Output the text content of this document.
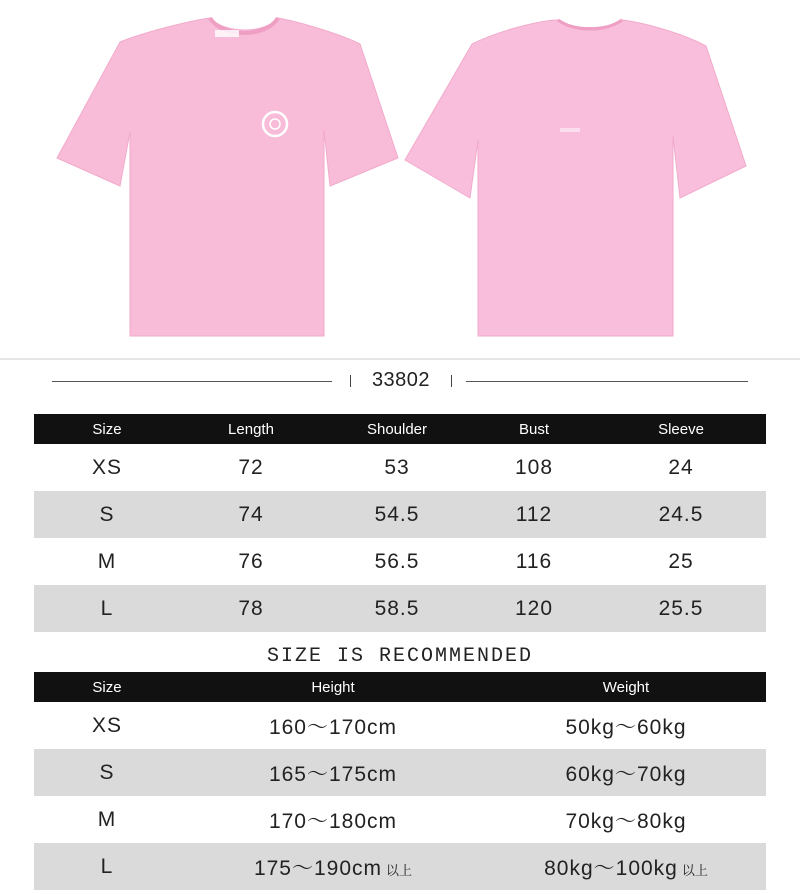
33802
Size	Length	Shoulder	Bust	Sleeve
XS	72	53	108	24
S	74	54.5	112	24.5
M	76	56.5	116	25
L	78	58.5	120	25.5
SIZE IS RECOMMENDED
Size	Height	Weight
XS	160～170cm	50kg～60kg
S	165～175cm	60kg～70kg
M	170～180cm	70kg～80kg
L	175～190cm 以上	80kg～100kg 以上
